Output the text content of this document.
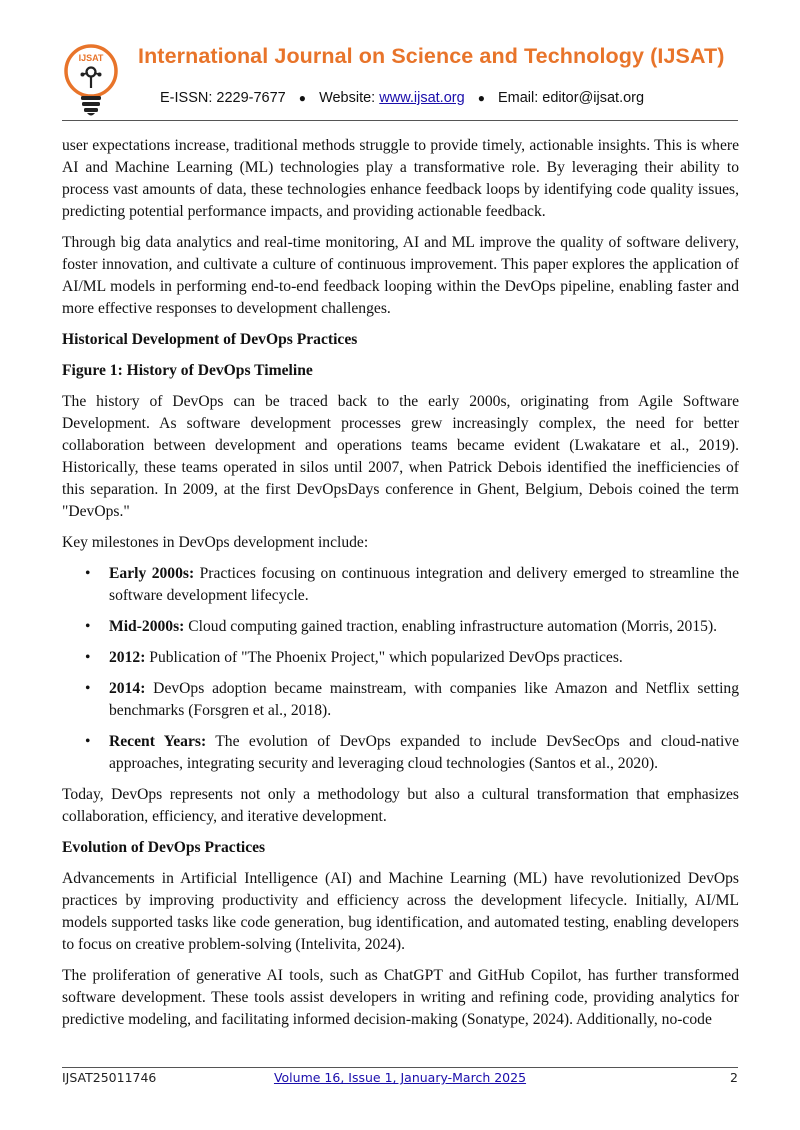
IJSAT International Journal on Science and Technology (IJSAT)
E-ISSN: 2229-7677 ● Website: www.ijsat.org ● Email: editor@ijsat.org

user expectations increase, traditional methods struggle to provide timely, actionable insights. This is where AI and Machine Learning (ML) technologies play a transformative role. By leveraging their ability to process vast amounts of data, these technologies enhance feedback loops by identifying code quality issues, predicting potential performance impacts, and providing actionable feedback.

Through big data analytics and real-time monitoring, AI and ML improve the quality of software delivery, foster innovation, and cultivate a culture of continuous improvement. This paper explores the application of AI/ML models in performing end-to-end feedback looping within the DevOps pipeline, enabling faster and more effective responses to development challenges.

Historical Development of DevOps Practices

Figure 1: History of DevOps Timeline

The history of DevOps can be traced back to the early 2000s, originating from Agile Software Development. As software development processes grew increasingly complex, the need for better collaboration between development and operations teams became evident (Lwakatare et al., 2019). Historically, these teams operated in silos until 2007, when Patrick Debois identified the inefficiencies of this separation. In 2009, at the first DevOpsDays conference in Ghent, Belgium, Debois coined the term "DevOps."

Key milestones in DevOps development include:

• Early 2000s: Practices focusing on continuous integration and delivery emerged to streamline the software development lifecycle.
• Mid-2000s: Cloud computing gained traction, enabling infrastructure automation (Morris, 2015).
• 2012: Publication of "The Phoenix Project," which popularized DevOps practices.
• 2014: DevOps adoption became mainstream, with companies like Amazon and Netflix setting benchmarks (Forsgren et al., 2018).
• Recent Years: The evolution of DevOps expanded to include DevSecOps and cloud-native approaches, integrating security and leveraging cloud technologies (Santos et al., 2020).

Today, DevOps represents not only a methodology but also a cultural transformation that emphasizes collaboration, efficiency, and iterative development.

Evolution of DevOps Practices

Advancements in Artificial Intelligence (AI) and Machine Learning (ML) have revolutionized DevOps practices by improving productivity and efficiency across the development lifecycle. Initially, AI/ML models supported tasks like code generation, bug identification, and automated testing, enabling developers to focus on creative problem-solving (Intelivita, 2024).

The proliferation of generative AI tools, such as ChatGPT and GitHub Copilot, has further transformed software development. These tools assist developers in writing and refining code, providing analytics for predictive modeling, and facilitating informed decision-making (Sonatype, 2024). Additionally, no-code

IJSAT25011746	Volume 16, Issue 1, January-March 2025	2
